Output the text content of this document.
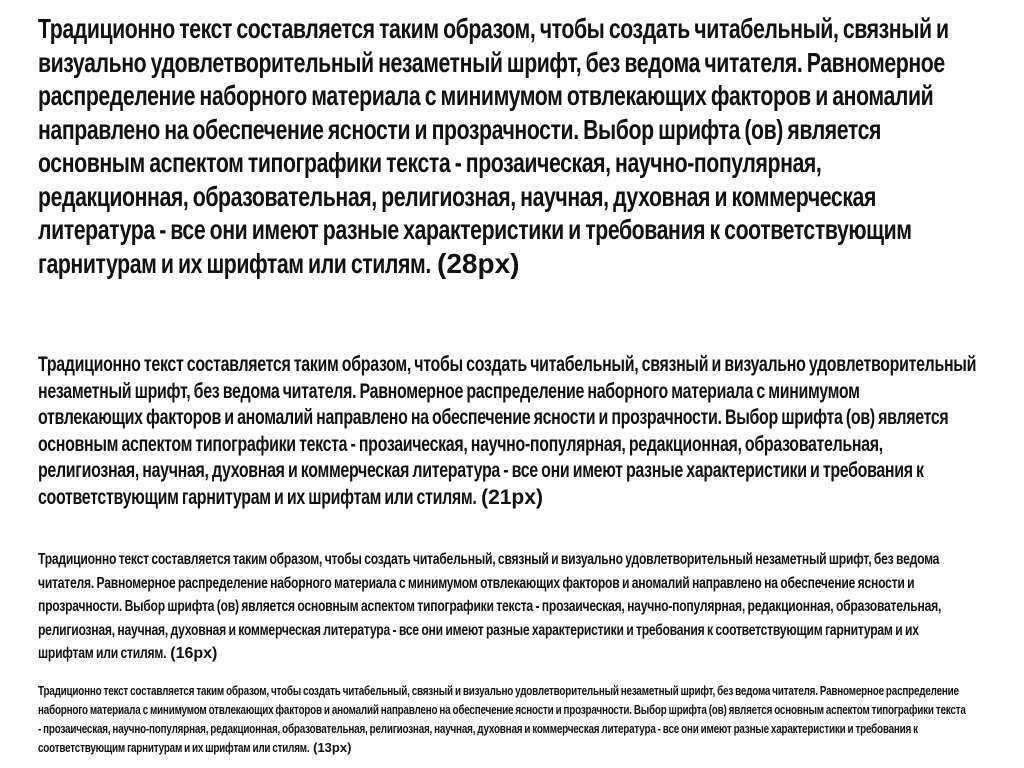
Традиционно текст составляется таким образом, чтобы создать читабельный, связный и
визуально удовлетворительный незаметный шрифт, без ведома читателя. Равномерное
распределение наборного материала с минимумом отвлекающих факторов и аномалий
направлено на обеспечение ясности и прозрачности. Выбор шрифта (ов) является
основным аспектом типографики текста - прозаическая, научно-популярная,
редакционная, образовательная, религиозная, научная, духовная и коммерческая
литература - все они имеют разные характеристики и требования к соответствующим
гарнитурам и их шрифтам или стилям. (28px)
Традиционно текст составляется таким образом, чтобы создать читабельный, связный и визуально удовлетворительный
незаметный шрифт, без ведома читателя. Равномерное распределение наборного материала с минимумом
отвлекающих факторов и аномалий направлено на обеспечение ясности и прозрачности. Выбор шрифта (ов) является
основным аспектом типографики текста - прозаическая, научно-популярная, редакционная, образовательная,
религиозная, научная, духовная и коммерческая литература - все они имеют разные характеристики и требования к
соответствующим гарнитурам и их шрифтам или стилям. (21px)
Традиционно текст составляется таким образом, чтобы создать читабельный, связный и визуально удовлетворительный незаметный шрифт, без ведома
читателя. Равномерное распределение наборного материала с минимумом отвлекающих факторов и аномалий направлено на обеспечение ясности и
прозрачности. Выбор шрифта (ов) является основным аспектом типографики текста - прозаическая, научно-популярная, редакционная, образовательная,
религиозная, научная, духовная и коммерческая литература - все они имеют разные характеристики и требования к соответствующим гарнитурам и их
шрифтам или стилям. (16px)
Традиционно текст составляется таким образом, чтобы создать читабельный, связный и визуально удовлетворительный незаметный шрифт, без ведома читателя. Равномерное распределение
наборного материала с минимумом отвлекающих факторов и аномалий направлено на обеспечение ясности и прозрачности. Выбор шрифта (ов) является основным аспектом типографики текста
- прозаическая, научно-популярная, редакционная, образовательная, религиозная, научная, духовная и коммерческая литература - все они имеют разные характеристики и требования к
соответствующим гарнитурам и их шрифтам или стилям. (13px)
